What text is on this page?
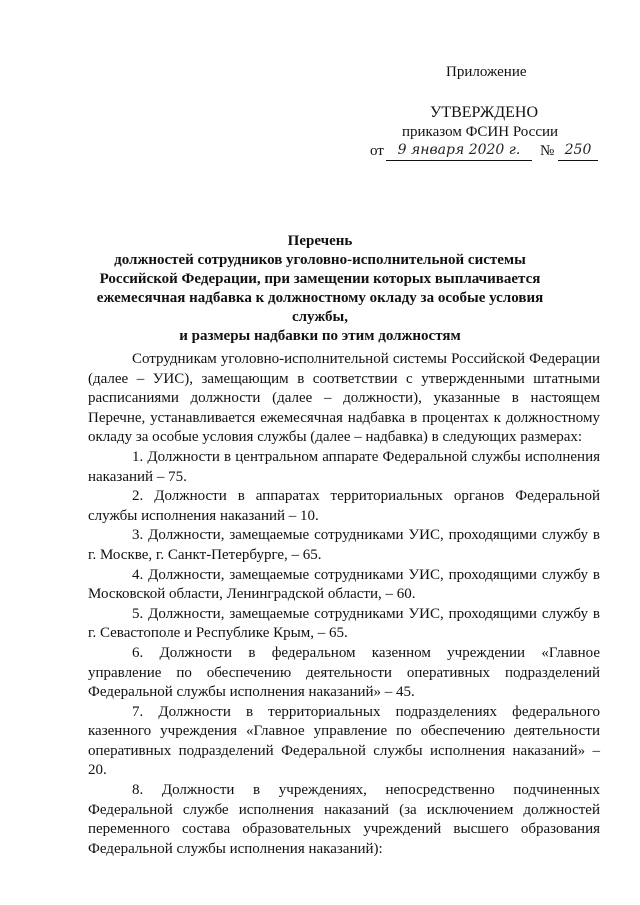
Приложение
УТВЕРЖДЕНО
приказом ФСИН России
от 9 января 2020 г.	№ 250
Перечень
должностей сотрудников уголовно-исполнительной системы
Российской Федерации, при замещении которых выплачивается
ежемесячная надбавка к должностному окладу за особые условия службы,
и размеры надбавки по этим должностям

Сотрудникам уголовно-исполнительной системы Российской Федерации (далее – УИС), замещающим в соответствии с утвержденными штатными расписаниями должности (далее – должности), указанные в настоящем Перечне, устанавливается ежемесячная надбавка в процентах к должностному окладу за особые условия службы (далее – надбавка) в следующих размерах:

1. Должности в центральном аппарате Федеральной службы исполнения наказаний – 75.

2. Должности в аппаратах территориальных органов Федеральной службы исполнения наказаний – 10.

3. Должности, замещаемые сотрудниками УИС, проходящими службу в г. Москве, г. Санкт-Петербурге, – 65.

4. Должности, замещаемые сотрудниками УИС, проходящими службу в Московской области, Ленинградской области, – 60.

5. Должности, замещаемые сотрудниками УИС, проходящими службу в г. Севастополе и Республике Крым, – 65.

6. Должности в федеральном казенном учреждении «Главное управление по обеспечению деятельности оперативных подразделений Федеральной службы исполнения наказаний» – 45.

7. Должности в территориальных подразделениях федерального казенного учреждения «Главное управление по обеспечению деятельности оперативных подразделений Федеральной службы исполнения наказаний» – 20.

8. Должности в учреждениях, непосредственно подчиненных Федеральной службе исполнения наказаний (за исключением должностей переменного состава образовательных учреждений высшего образования Федеральной службы исполнения наказаний):
